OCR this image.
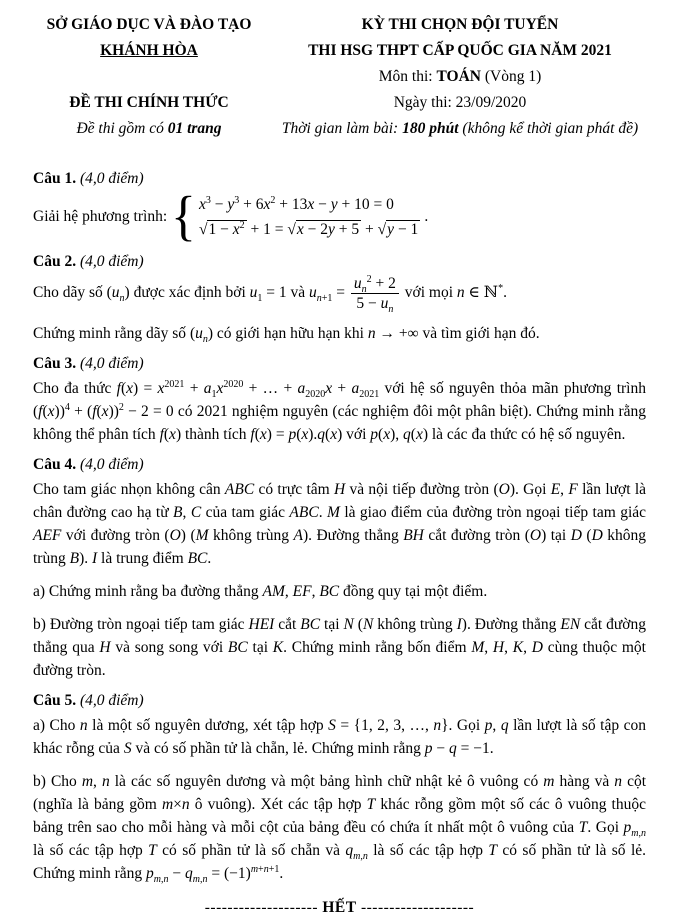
SỞ GIÁO DỤC VÀ ĐÀO TẠO
KHÁNH HÒA
ĐỀ THI CHÍNH THỨC
Đề thi gồm có 01 trang
KỲ THI CHỌN ĐỘI TUYỂN
THI HSG THPT CẤP QUỐC GIA NĂM 2021
Môn thi: TOÁN (Vòng 1)
Ngày thi: 23/09/2020
Thời gian làm bài: 180 phút (không kể thời gian phát đề)
Câu 1. (4,0 điểm)

Giải hệ phương trình: { $x^3 - y^3 + 6x^2 + 13x - y + 10 = 0$
$√1 - x^2 + 1 = √x - 2y + 5 + √y - 1$
.

Câu 2. (4,0 điểm)

Cho dãy số $(u_n)$ được xác định bởi $u_1 = 1$ và $u_{n+1} = \frac{u_n^2 + 2}{5 - u_n}$ với mọi n ∈ ℕ*.

Chứng minh rằng dãy số $(u_n)$ có giới hạn hữu hạn khi n → +∞ và tìm giới hạn đó.

Câu 3. (4,0 điểm)

Cho đa thức $f(x) = x^{2021} + a_1x^{2020}$ + … + $a_{2020}x + a_{2021}$ với hệ số nguyên thỏa mãn phương trình $(f(x))^4 + (f(x))^2 - 2 = 0$ có 2021 nghiệm nguyên (các nghiệm đôi một phân biệt). Chứng minh rằng không thể phân tích f(x) thành tích f(x) = p(x).q(x) với p(x), q(x) là các đa thức có hệ số nguyên.

Câu 4. (4,0 điểm)

Cho tam giác nhọn không cân ABC có trực tâm H và nội tiếp đường tròn (O). Gọi E, F lần lượt là chân đường cao hạ từ B, C của tam giác ABC. M là giao điểm của đường tròn ngoại tiếp tam giác AEF với đường tròn (O) (M không trùng A). Đường thẳng BH cắt đường tròn (O) tại D (D không trùng B). I là trung điểm BC.

a) Chứng minh rằng ba đường thẳng AM, EF, BC đồng quy tại một điểm.

b) Đường tròn ngoại tiếp tam giác HEI cắt BC tại N (N không trùng I). Đường thẳng EN cắt đường thẳng qua H và song song với BC tại K. Chứng minh rằng bốn điểm M, H, K, D cùng thuộc một đường tròn.

Câu 5. (4,0 điểm)

a) Cho n là một số nguyên dương, xét tập hợp S = {1, 2, 3, …, n}. Gọi p, q lần lượt là số tập con khác rỗng của S và có số phần tử là chẵn, lẻ. Chứng minh rằng p − q = −1.

b) Cho m, n là các số nguyên dương và một bảng hình chữ nhật kẻ ô vuông có m hàng và n cột (nghĩa là bảng gồm m×n ô vuông). Xét các tập hợp T khác rỗng gồm một số các ô vuông thuộc bảng trên sao cho mỗi hàng và mỗi cột của bảng đều có chứa ít nhất một ô vuông của T. Gọi $p_{m,n}$ là số các tập hợp T có số phần tử là số chẵn và $q_{m,n}$ là số các tập hợp T có số phần tử là số lẻ. Chứng minh rằng $p_{m,n} - q_{m,n} = (-1)^{m+n+1}$.

-------------------- HẾT --------------------
